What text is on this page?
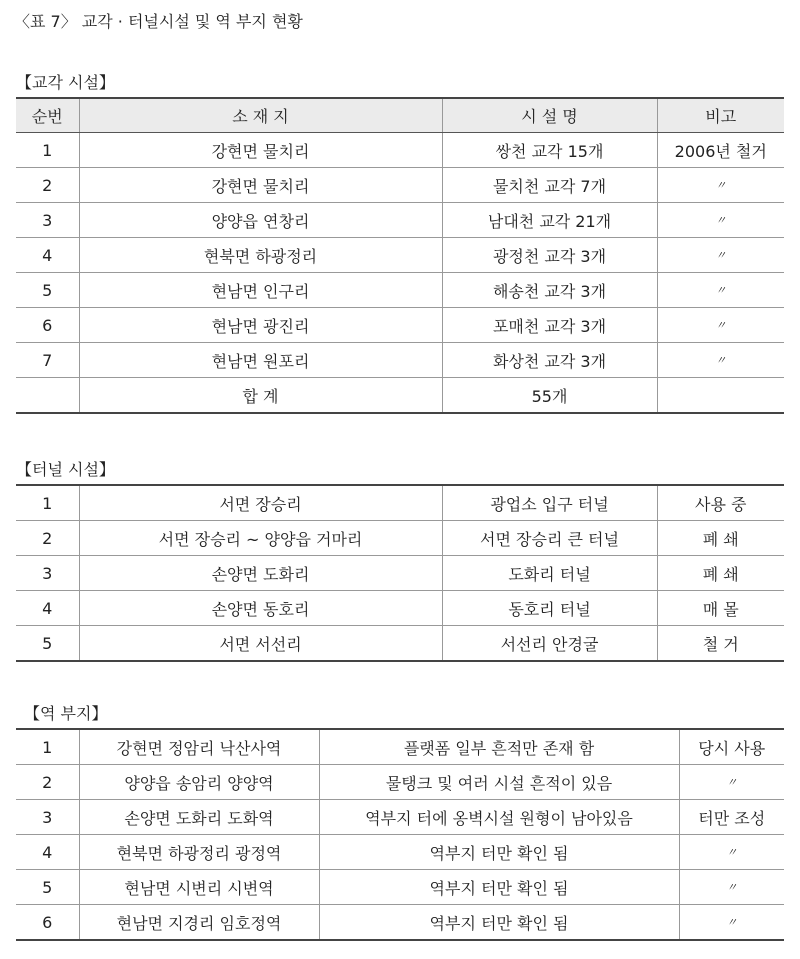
〈표 7〉 교각 · 터널시설 및 역 부지 현황
【교각 시설】
순번	소 재 지	시 설 명	비고
1	강현면 물치리	쌍천 교각 15개	2006년 철거
2	강현면 물치리	물치천 교각 7개	〃
3	양양읍 연창리	남대천 교각 21개	〃
4	현북면 하광정리	광정천 교각 3개	〃
5	현남면 인구리	해송천 교각 3개	〃
6	현남면 광진리	포매천 교각 3개	〃
7	현남면 원포리	화상천 교각 3개	〃
	합 계	55개	
【터널 시설】
1	서면 장승리	광업소 입구 터널	사용 중
2	서면 장승리 ~ 양양읍 거마리	서면 장승리 큰 터널	폐 쇄
3	손양면 도화리	도화리 터널	폐 쇄
4	손양면 동호리	동호리 터널	매 몰
5	서면 서선리	서선리 안경굴	철 거
【역 부지】
1	강현면 정암리 낙산사역	플랫폼 일부 흔적만 존재 함	당시 사용
2	양양읍 송암리 양양역	물탱크 및 여러 시설 흔적이 있음	〃
3	손양면 도화리 도화역	역부지 터에 옹벽시설 원형이 남아있음	터만 조성
4	현북면 하광정리 광정역	역부지 터만 확인 됨	〃
5	현남면 시변리 시변역	역부지 터만 확인 됨	〃
6	현남면 지경리 임호정역	역부지 터만 확인 됨	〃
